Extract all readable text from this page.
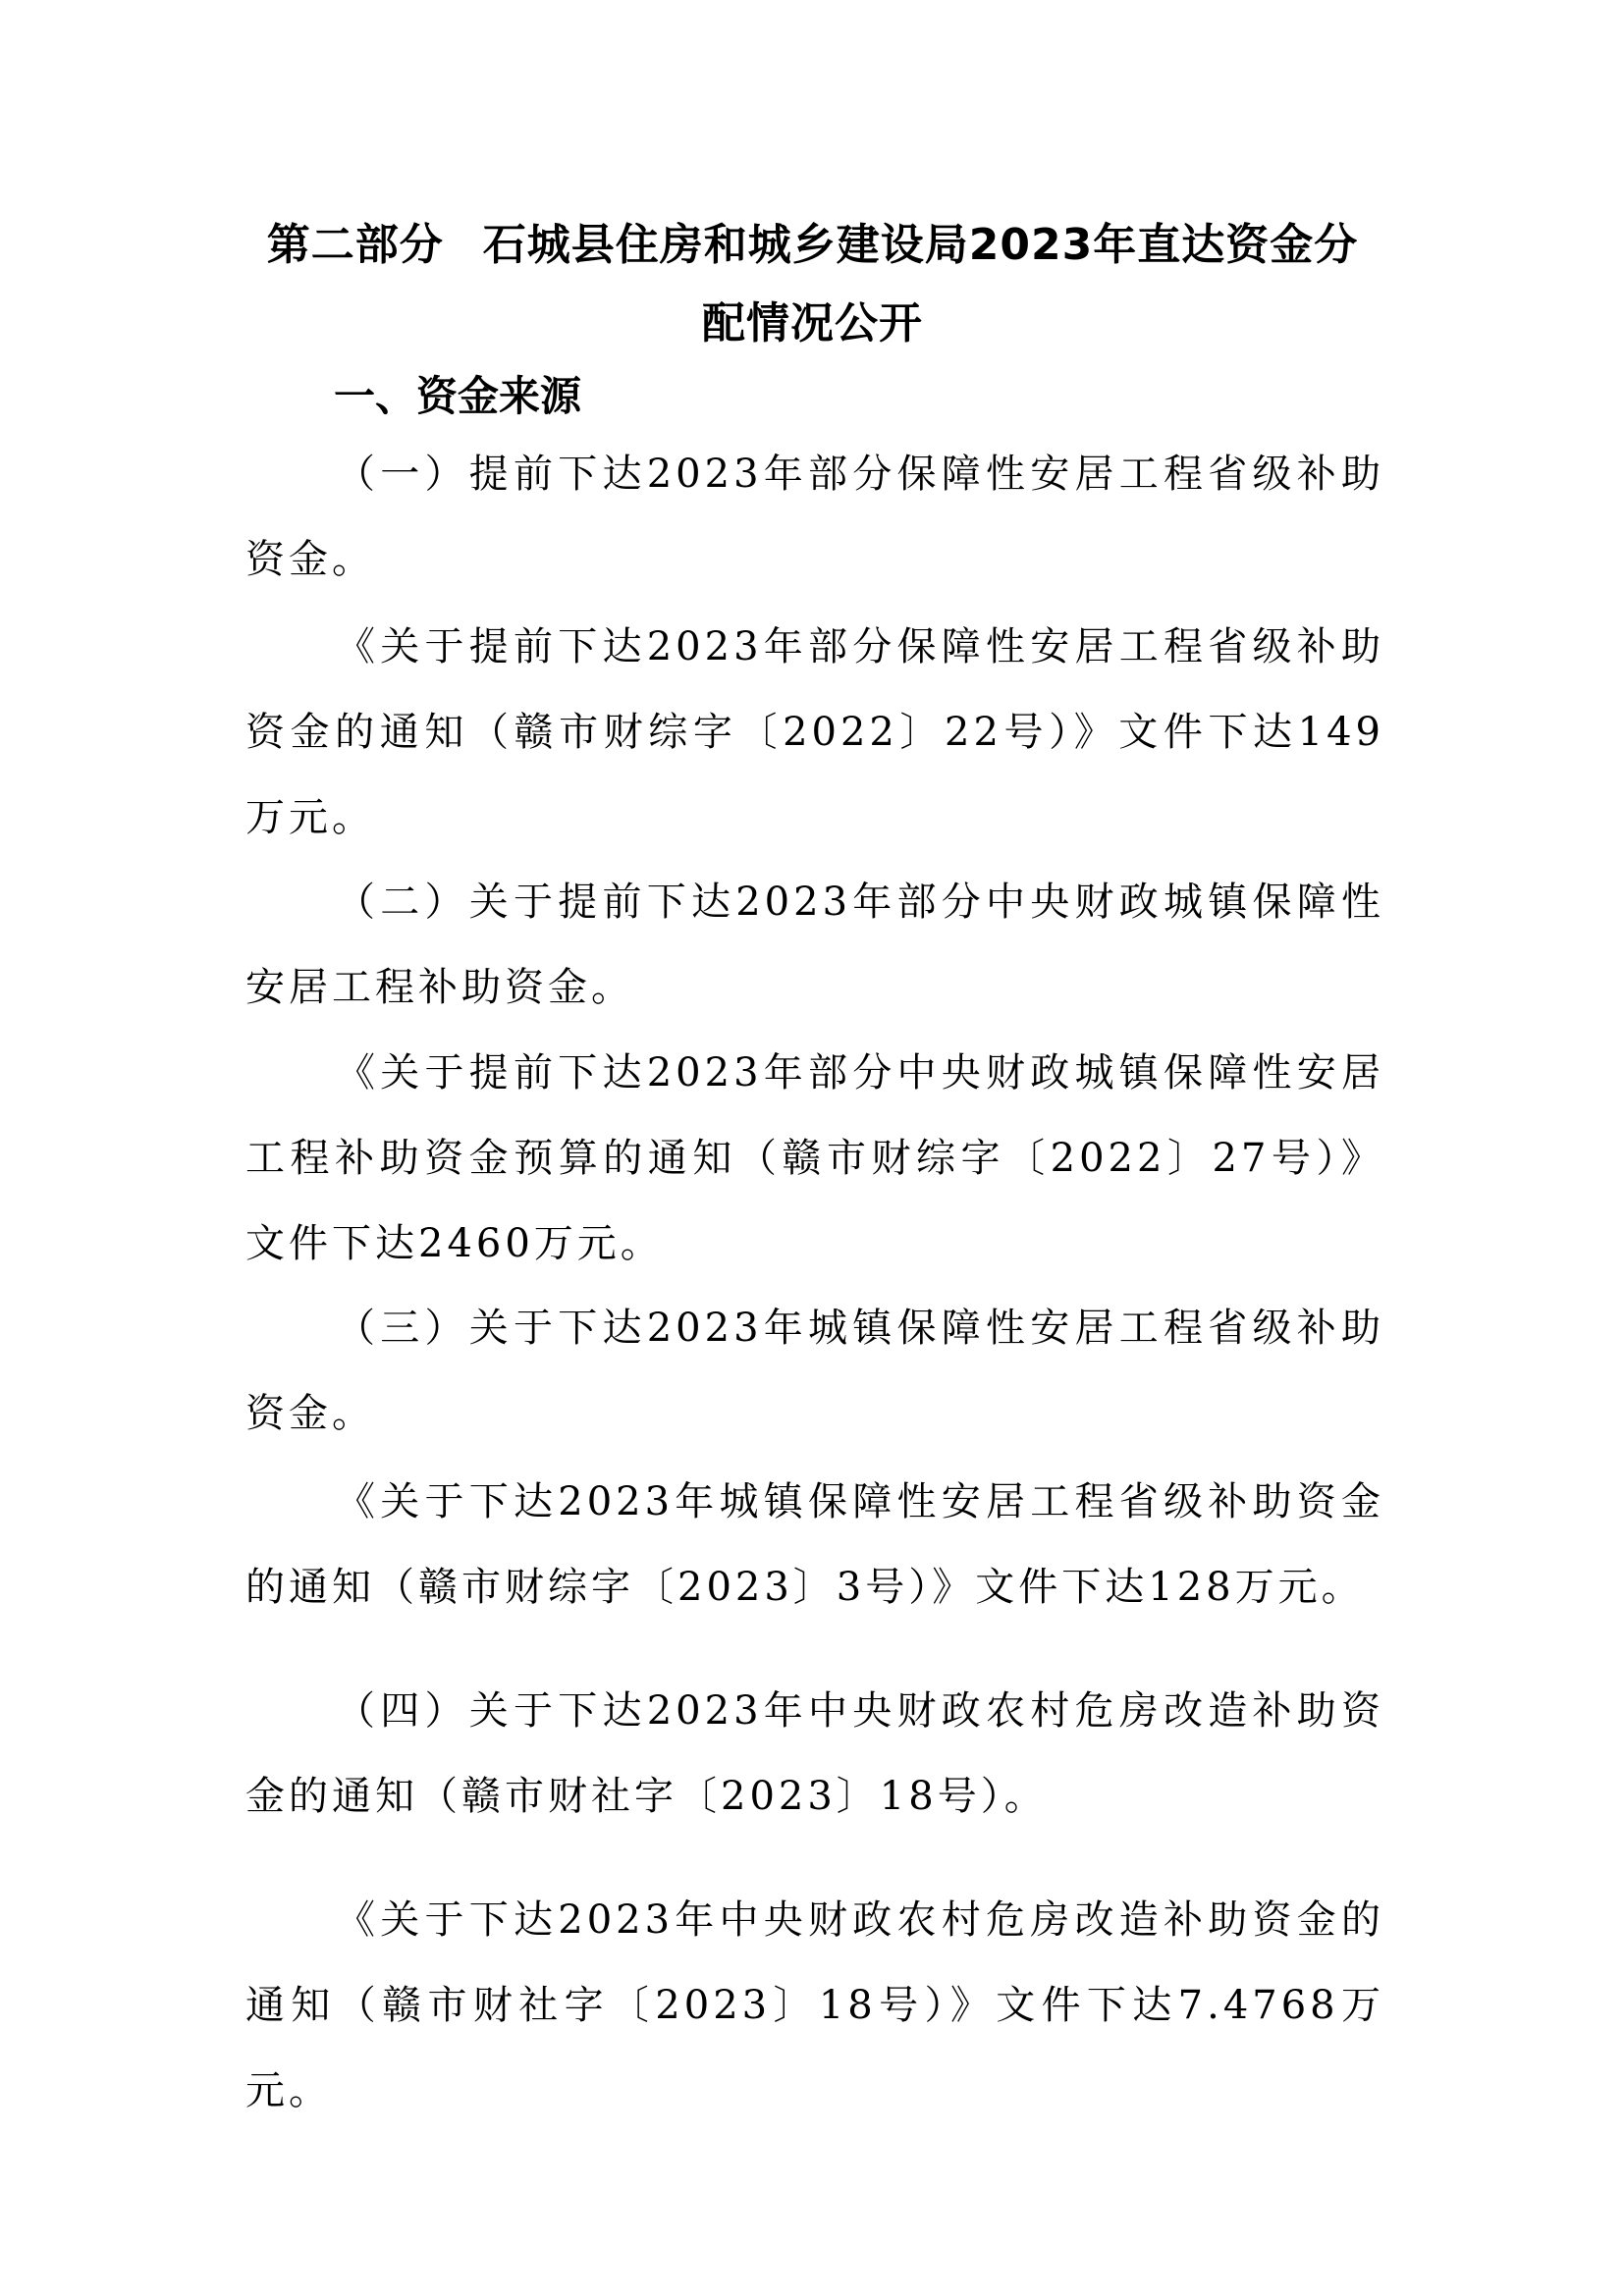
第二部分 石城县住房和城乡建设局2023年直达资金分配情况公开
一、资金来源
（一）提前下达2023年部分保障性安居工程省级补助资金。
《关于提前下达2023年部分保障性安居工程省级补助资金的通知（赣市财综字〔2022〕22号）》文件下达149万元。
（二）关于提前下达2023年部分中央财政城镇保障性安居工程补助资金。
《关于提前下达2023年部分中央财政城镇保障性安居工程补助资金预算的通知（赣市财综字〔2022〕27号）》文件下达2460万元。
（三）关于下达2023年城镇保障性安居工程省级补助资金。
《关于下达2023年城镇保障性安居工程省级补助资金的通知（赣市财综字〔2023〕3号）》文件下达128万元。
（四）关于下达2023年中央财政农村危房改造补助资金的通知（赣市财社字〔2023〕18号）。
《关于下达2023年中央财政农村危房改造补助资金的通知（赣市财社字〔2023〕18号）》文件下达7.4768万元。
